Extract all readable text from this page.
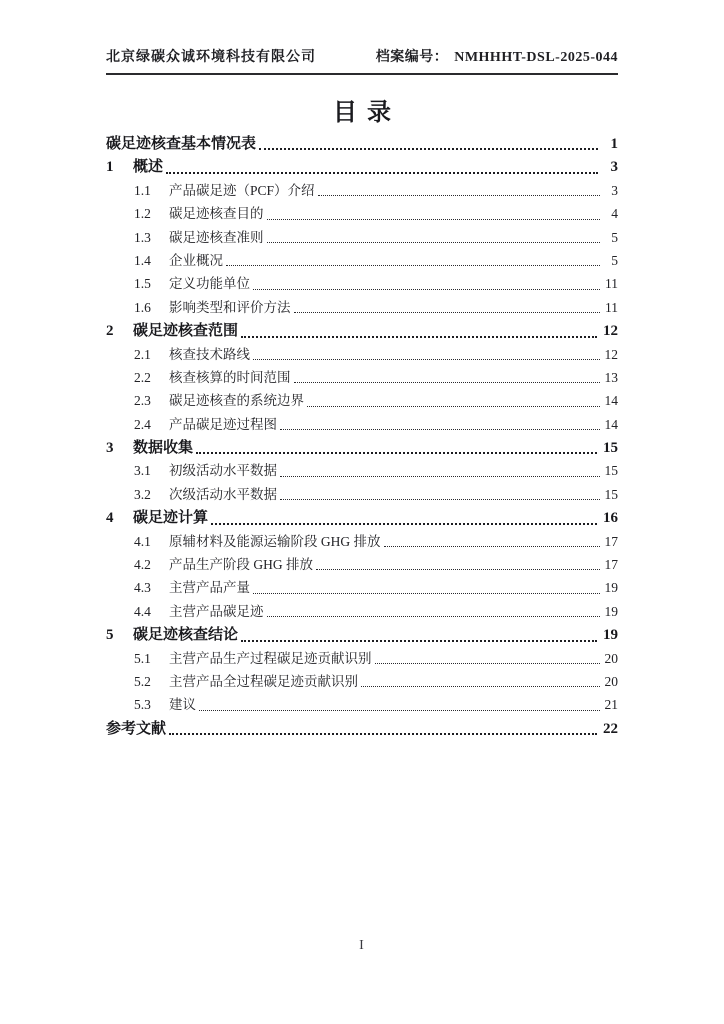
北京绿碳众诚环境科技有限公司	档案编号： NMHHHT-DSL-2025-044
目录
碳足迹核查基本情况表	1
1	概述	3
1.1	产品碳足迹（PCF）介绍	3
1.2	碳足迹核查目的	4
1.3	碳足迹核查准则	5
1.4	企业概况	5
1.5	定义功能单位	11
1.6	影响类型和评价方法	11
2	碳足迹核查范围	12
2.1	核查技术路线	12
2.2	核查核算的时间范围	13
2.3	碳足迹核查的系统边界	14
2.4	产品碳足迹过程图	14
3	数据收集	15
3.1	初级活动水平数据	15
3.2	次级活动水平数据	15
4	碳足迹计算	16
4.1	原辅材料及能源运输阶段 GHG 排放	17
4.2	产品生产阶段 GHG 排放	17
4.3	主营产品产量	19
4.4	主营产品碳足迹	19
5	碳足迹核查结论	19
5.1	主营产品生产过程碳足迹贡献识别	20
5.2	主营产品全过程碳足迹贡献识别	20
5.3	建议	21
参考文献	22
I
